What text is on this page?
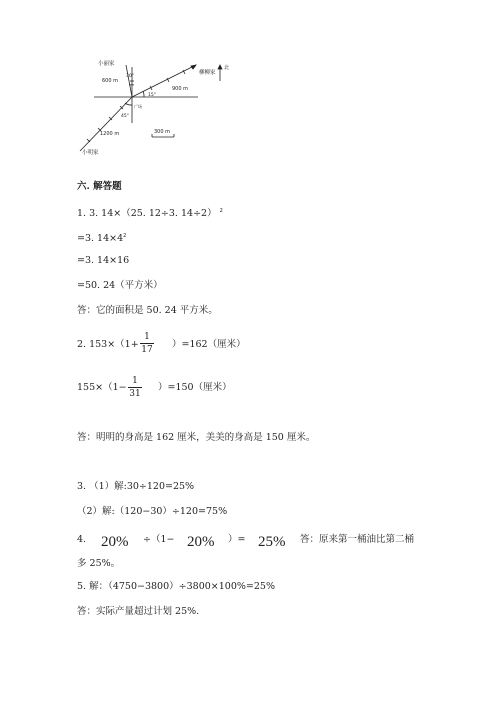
小丽家
600 m
30°
柳柳家
北
15°
900 m
广场
45°
1200 m	300 m
小明家
六. 解答题
1. 3. 14×（25. 12÷3. 14÷2） $^2$
=3. $14\times 4^2$
=3. 14×16
=50. 24（平方米）
答：它的面积是 50. 24 平方米。
2. 153×（1+
1
17 ）=162（厘米）
155×（1−
1
31
）=150（厘米）
答：明明的身高是 162 厘米，美美的身高是 150 厘米。
3. （1）解:30÷120=25%
（2）解:（120−30）÷120=75%
4. 20% ÷（1− 20% ）= 25% 答：原来第一桶油比第二桶
多 25%。
5. 解：（4750−3800）÷3800×100%=25%
答：实际产量超过计划 25%.
